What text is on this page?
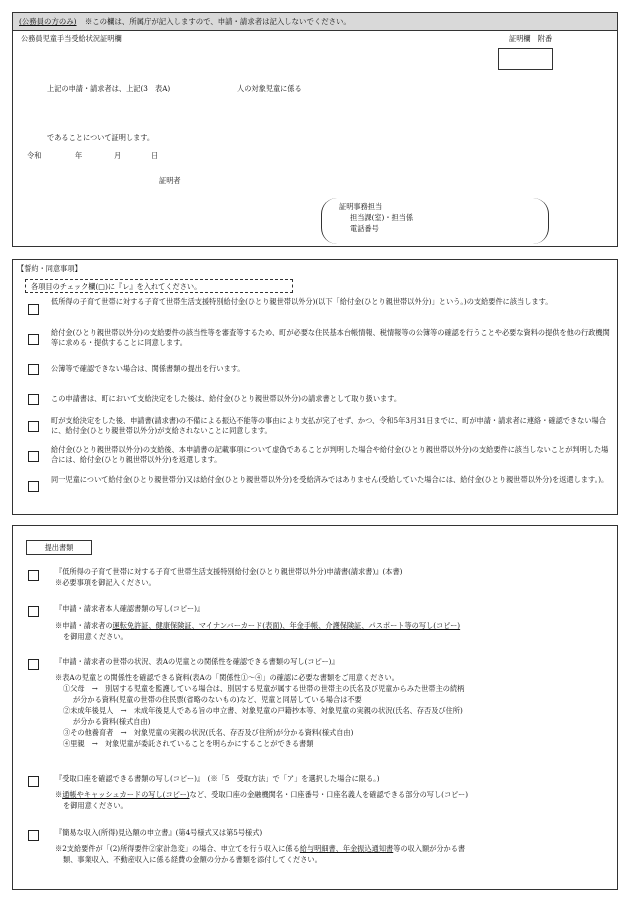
(公務員の方のみ) ※この欄は、所属庁が記入しますので、申請・請求者は記入しないでください。
公務員児童手当受給状況証明欄	証明欄　附番
上記の申請・請求者は、上記(3　表A)	人の対象児童に係る
であることについて証明します。
令和	年	月	日
証明者
証明事務担当
担当課(室)・担当係
電話番号
【誓約・同意事項】
各項目のチェック欄(□)に『レ』を入れてください。
低所得の子育て世帯に対する子育て世帯生活支援特別給付金(ひとり親世帯以外分)(以下「給付金(ひとり親世帯以外分)」という。)の支給要件に該当します。
給付金(ひとり親世帯以外分)の支給要件の該当性等を審査等するため、町が必要な住民基本台帳情報、税情報等の公簿等の確認を行うことや必要な資料の提供を他の行政機関等に求める・提供することに同意します。
公簿等で確認できない場合は、関係書類の提出を行います。
この申請書は、町において支給決定をした後は、給付金(ひとり親世帯以外分)の請求書として取り扱います。
町が支給決定をした後、申請書(請求書)の不備による振込不能等の事由により支払が完了せず、かつ、令和5年3月31日までに、町が申請・請求者に連絡・確認できない場合に、給付金(ひとり親世帯以外分)が支給されないことに同意します。
給付金(ひとり親世帯以外分)の支給後、本申請書の記載事項について虚偽であることが判明した場合や給付金(ひとり親世帯以外分)の支給要件に該当しないことが判明した場合には、給付金(ひとり親世帯以外分)を返還します。
同一児童について給付金(ひとり親世帯分)又は給付金(ひとり親世帯以外分)を受給済みではありません(受給していた場合には、給付金(ひとり親世帯以外分)を返還します。)。
提出書類
『低所得の子育て世帯に対する子育て世帯生活支援特別給付金(ひとり親世帯以外分)申請書(請求書)』(本書)
※必要事項を御記入ください。
『申請・請求者本人確認書類の写し(コピー)』
※申請・請求者の運転免許証、健康保険証、マイナンバーカード(表面)、年金手帳、介護保険証、パスポート等の写し(コピー)
を御用意ください。
『申請・請求者の世帯の状況、表Aの児童との関係性を確認できる書類の写し(コピー)』
※表Aの児童との関係性を確認できる資料(表Aの「関係性①～④」の確認に必要な書類をご用意ください。
①父母　→　別居する児童を監護している場合は、別居する児童が属する世帯の世帯主の氏名及び児童からみた世帯主の続柄
が分かる資料(児童の世帯の住民票(省略のないもの)など、児童と同居している場合は不要
②未成年後見人　→　未成年後見人である旨の申立書、対象児童の戸籍抄本等、対象児童の実親の状況(氏名、存否及び住所)
が分かる資料(様式自由)
③その他養育者　→　対象児童の実親の状況(氏名、存否及び住所)が分かる資料(様式自由)
④里親　→　対象児童が委託されていることを明らかにすることができる書類
『受取口座を確認できる書類の写し(コピー)』　(※「5　受取方法」で「ア」を選択した場合に限る。)
※通帳やキャッシュカードの写し(コピー)など、受取口座の金融機関名・口座番号・口座名義人を確認できる部分の写し(コピー)
を御用意ください。
『簡易な収入(所得)見込額の申立書』(第4号様式又は第5号様式)
※2支給要件が「(2)所得要件②家計急変」の場合、申立てを行う収入に係る給与明細書、年金振込通知書等の収入額が分かる書
類、事業収入、不動産収入に係る経費の金額の分かる書類を添付してください。
